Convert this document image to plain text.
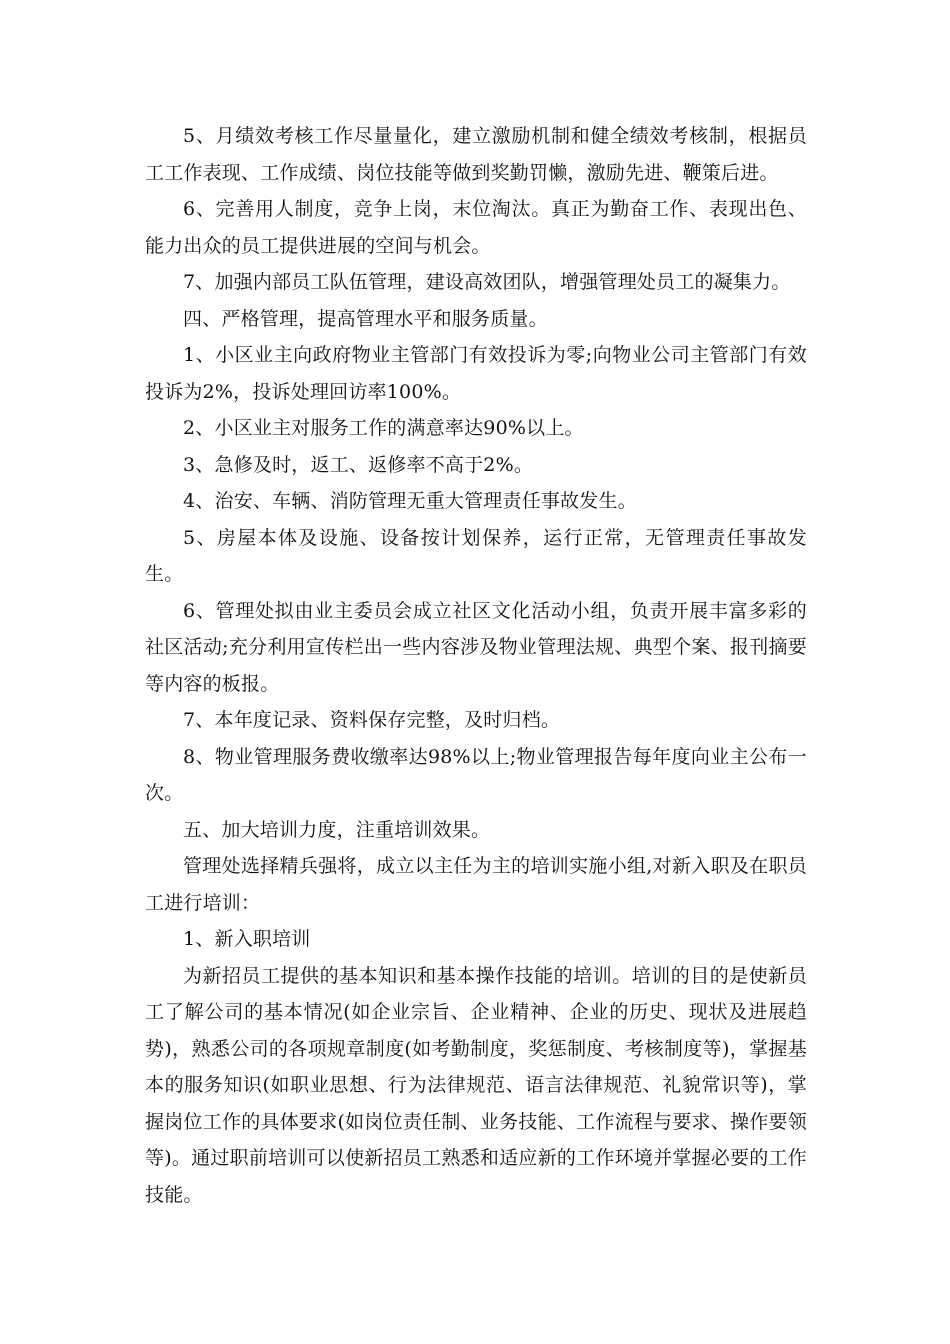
5、月绩效考核工作尽量量化，建立激励机制和健全绩效考核制，根据员工工作表现、工作成绩、岗位技能等做到奖勤罚懒，激励先进、鞭策后进。

6、完善用人制度，竞争上岗，末位淘汰。真正为勤奋工作、表现出色、能力出众的员工提供进展的空间与机会。

7、加强内部员工队伍管理，建设高效团队，增强管理处员工的凝集力。

四、严格管理，提高管理水平和服务质量。

1、小区业主向政府物业主管部门有效投诉为零;向物业公司主管部门有效投诉为2%，投诉处理回访率100%。

2、小区业主对服务工作的满意率达90%以上。

3、急修及时，返工、返修率不高于2%。

4、治安、车辆、消防管理无重大管理责任事故发生。

5、房屋本体及设施、设备按计划保养，运行正常，无管理责任事故发生。

6、管理处拟由业主委员会成立社区文化活动小组，负责开展丰富多彩的社区活动;充分利用宣传栏出一些内容涉及物业管理法规、典型个案、报刊摘要等内容的板报。

7、本年度记录、资料保存完整，及时归档。

8、物业管理服务费收缴率达98%以上;物业管理报告每年度向业主公布一次。

五、加大培训力度，注重培训效果。

管理处选择精兵强将，成立以主任为主的培训实施小组,对新入职及在职员工进行培训：

1、新入职培训

为新招员工提供的基本知识和基本操作技能的培训。培训的目的是使新员工了解公司的基本情况(如企业宗旨、企业精神、企业的历史、现状及进展趋势)，熟悉公司的各项规章制度(如考勤制度，奖惩制度、考核制度等)，掌握基本的服务知识(如职业思想、行为法律规范、语言法律规范、礼貌常识等)，掌握岗位工作的具体要求(如岗位责任制、业务技能、工作流程与要求、操作要领等)。通过职前培训可以使新招员工熟悉和适应新的工作环境并掌握必要的工作技能。
